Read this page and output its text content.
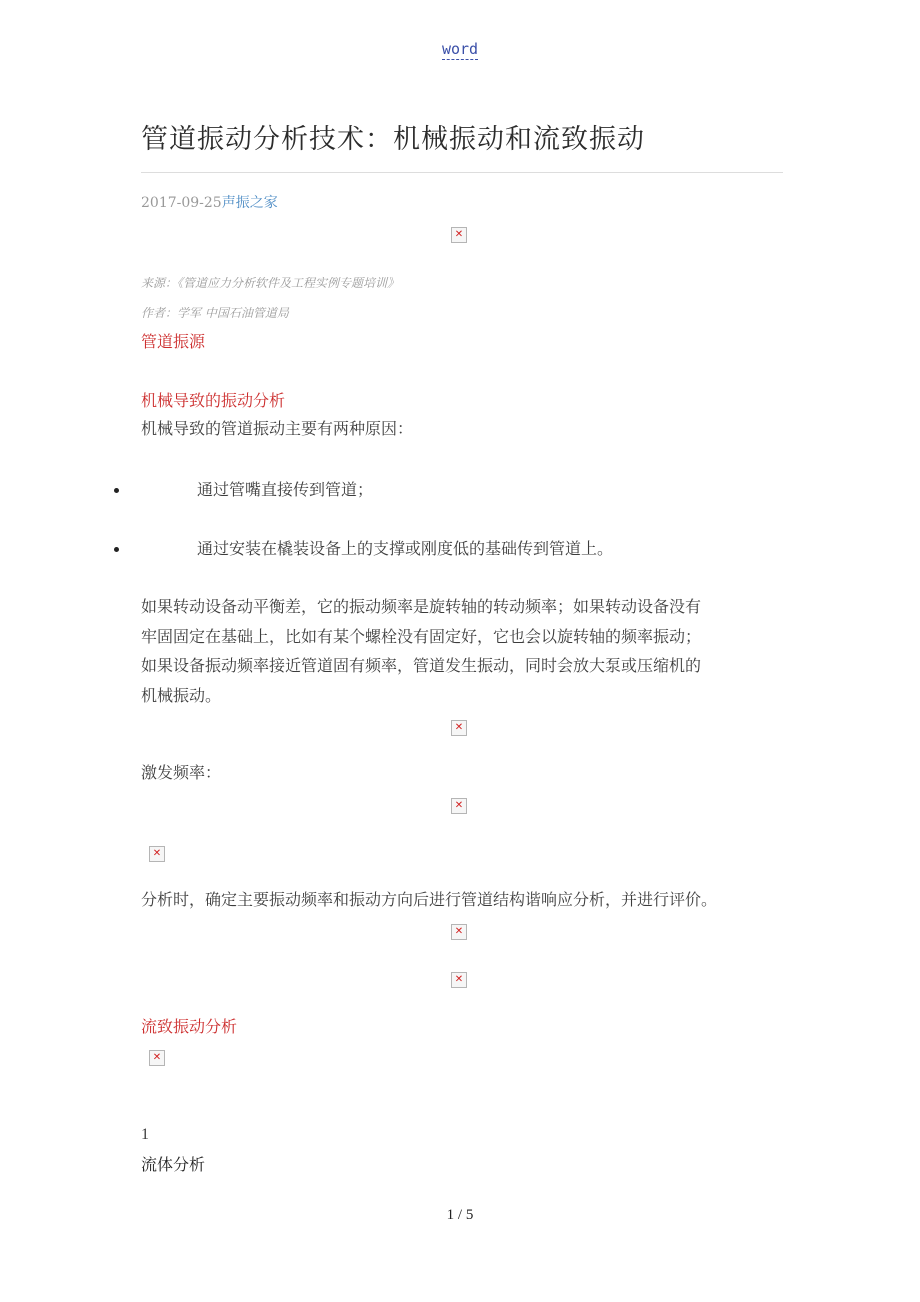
word
管道振动分析技术：机械振动和流致振动
2017-09-25声振之家
✕
来源：《管道应力分析软件及工程实例专题培训》
作者：学军 中国石油管道局
管道振源
机械导致的振动分析
机械导致的管道振动主要有两种原因：
通过管嘴直接传到管道；
通过安装在橇装设备上的支撑或刚度低的基础传到管道上。
如果转动设备动平衡差，它的振动频率是旋转轴的转动频率；如果转动设备没有
牢固固定在基础上，比如有某个螺栓没有固定好，它也会以旋转轴的频率振动；
如果设备振动频率接近管道固有频率，管道发生振动，同时会放大泵或压缩机的
机械振动。
✕
激发频率：
✕
✕
分析时，确定主要振动频率和振动方向后进行管道结构谐响应分析，并进行评价。
✕
✕
流致振动分析
✕
1
流体分析
1 / 5
